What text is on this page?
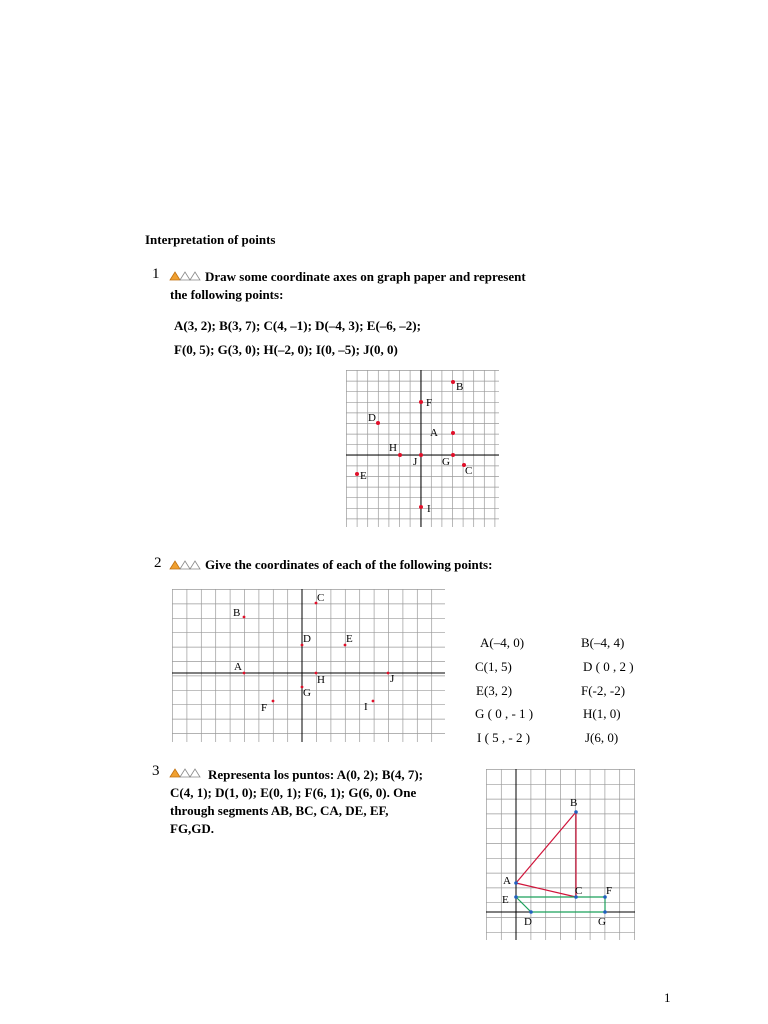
Interpretation of points
1	Draw some coordinate axes on graph paper and represent
the following points:
A(3, 2); B(3, 7); C(4, –1); D(–4, 3); E(–6, –2);
F(0, 5); G(3, 0); H(–2, 0); I(0, –5); J(0, 0)
A
B
C
D
E
F
G
H
I
J
2	Give the coordinates of each of the following points:
A
B
C
D	E
F
G
H
I
J
A(–4, 0)	B(–4, 4)
C(1, 5)	D ( 0 , 2 )
E(3, 2)	F(-2, -2)
G ( 0 , - 1 )	H(1, 0)
I ( 5 , - 2 )	J(6, 0)
3	Representa los puntos: A(0, 2); B(4, 7);
C(4, 1); D(1, 0); E(0, 1); F(6, 1); G(6, 0). One
through segments AB, BC, CA, DE, EF,
FG,GD.
A
B
C
D
E
F
G
1
